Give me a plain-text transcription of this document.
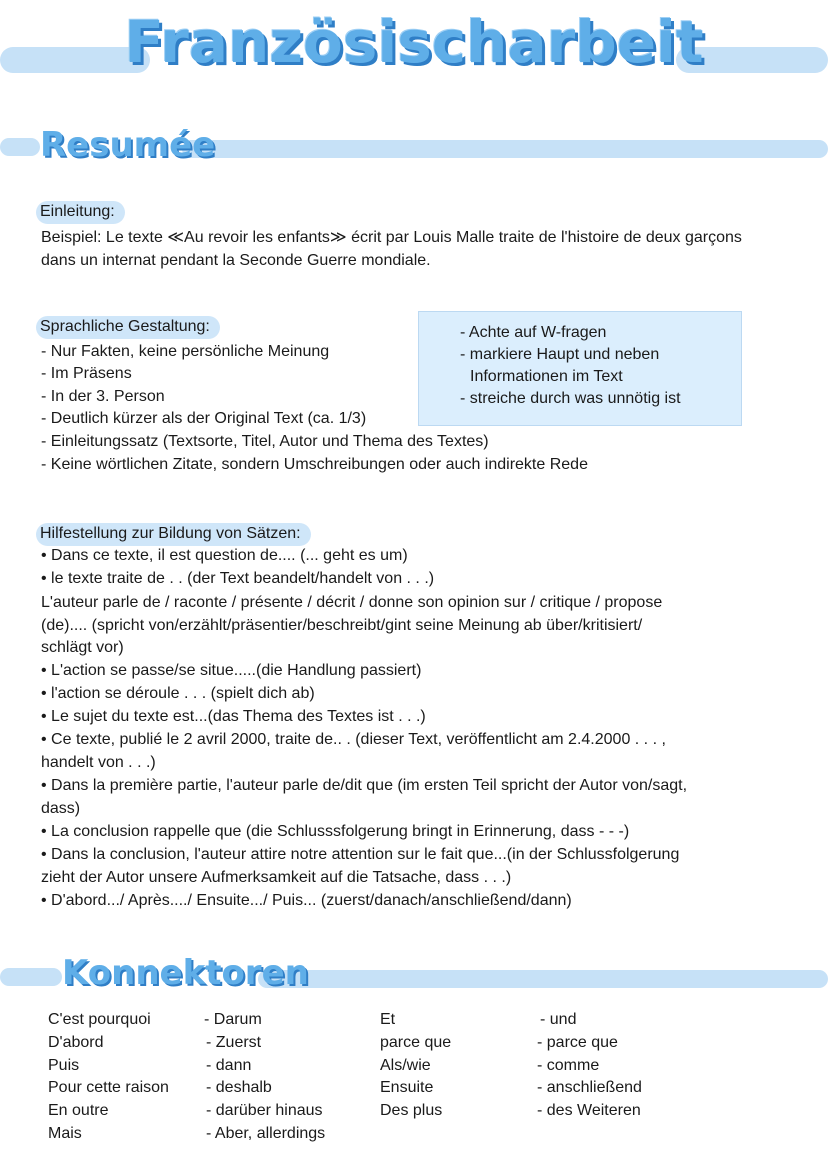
Französischarbeit
Resumée
Einleitung:
Beispiel: Le texte ≪Au revoir les enfants≫ écrit par Louis Malle traite de l'histoire de deux garçons dans un internat pendant la Seconde Guerre mondiale.
Sprachliche Gestaltung:
- Nur Fakten, keine persönliche Meinung
- Im Präsens
- In der 3. Person
- Deutlich kürzer als der Original Text (ca. 1/3)
- Einleitungssatz (Textsorte, Titel, Autor und Thema des Textes)
- Keine wörtlichen Zitate, sondern Umschreibungen oder auch indirekte Rede
- Achte auf W-fragen
- markiere Haupt und neben
Informationen im Text
- streiche durch was unnötig ist
Hilfestellung zur Bildung von Sätzen:
• Dans ce texte, il est question de.... (... geht es um)
• le texte traite de . . (der Text beandelt/handelt von . . .)
L'auteur parle de / raconte / présente / décrit / donne son opinion sur / critique / propose
(de).... (spricht von/erzählt/präsentier/beschreibt/gint seine Meinung ab über/kritisiert/
schlägt vor)
• L'action se passe/se situe.....(die Handlung passiert)
• l'action se déroule . . . (spielt dich ab)
• Le sujet du texte est...(das Thema des Textes ist . . .)
• Ce texte, publié le 2 avril 2000, traite de.. . (dieser Text, veröffentlicht am 2.4.2000 . . . ,
handelt von . . .)
• Dans la première partie, l'auteur parle de/dit que (im ersten Teil spricht der Autor von/sagt,
dass)
• La conclusion rappelle que (die Schlusssfolgerung bringt in Erinnerung, dass - - -)
• Dans la conclusion, l'auteur attire notre attention sur le fait que...(in der Schlussfolgerung
zieht der Autor unsere Aufmerksamkeit auf die Tatsache, dass . . .)
• D'abord.../ Après..../ Ensuite.../ Puis... (zuerst/danach/anschließend/dann)
Konnektoren
C'est pourquoi
D'abord
Puis
Pour cette raison
En outre
Mais
- Darum
- Zuerst
- dann
- deshalb
- darüber hinaus
- Aber, allerdings
Et
parce que
Als/wie
Ensuite
Des plus
- und
- parce que
- comme
- anschließend
- des Weiteren
